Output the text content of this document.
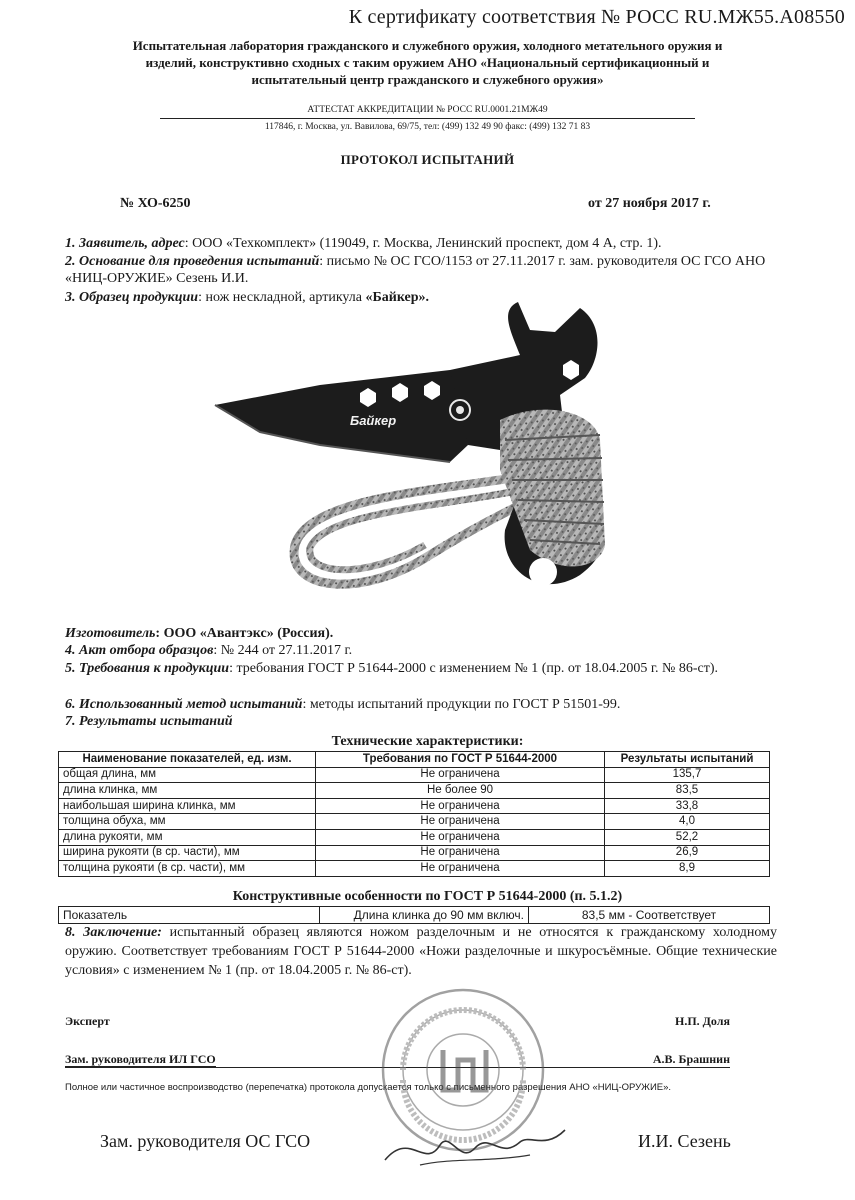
К сертификату соответствия № РОСС RU.МЖ55.А08550
Испытательная лаборатория гражданского и служебного оружия, холодного метательного оружия и
изделий, конструктивно сходных с таким оружием АНО «Национальный сертификационный и
испытательный центр гражданского и служебного оружия»
АТТЕСТАТ АККРЕДИТАЦИИ № РОСС RU.0001.21МЖ49
117846, г. Москва, ул. Вавилова, 69/75, тел: (499) 132 49 90 факс: (499) 132 71 83
ПРОТОКОЛ ИСПЫТАНИЙ
№ ХО-6250	от 27 ноября 2017 г.
1. Заявитель, адрес: ООО «Техкомплект» (119049, г. Москва, Ленинский проспект, дом 4 А, стр. 1).
2. Основание для проведения испытаний: письмо № ОС ГСО/1153 от 27.11.2017 г. зам. руководителя ОС ГСО АНО «НИЦ-ОРУЖИЕ» Сезень И.И.
3. Образец продукции: нож нескладной, артикула «Байкер».
Байкер
Изготовитель: ООО «Авантэкс» (Россия).
4. Акт отбора образцов: № 244 от 27.11.2017 г.
5. Требования к продукции: требования ГОСТ Р 51644-2000 с изменением № 1 (пр. от 18.04.2005 г. № 86-ст).
6. Использованный метод испытаний: методы испытаний продукции по ГОСТ Р 51501-99.
7. Результаты испытаний
Технические характеристики:
Наименование показателей, ед. изм.	Требования по ГОСТ Р 51644-2000	Результаты испытаний
общая длина, мм	Не ограничена	135,7
длина клинка, мм	Не более 90	83,5
наибольшая ширина клинка, мм	Не ограничена	33,8
толщина обуха, мм	Не ограничена	4,0
длина рукояти, мм	Не ограничена	52,2
ширина рукояти (в ср. части), мм	Не ограничена	26,9
толщина рукояти (в ср. части), мм	Не ограничена	8,9
Конструктивные особенности по ГОСТ Р 51644-2000 (п. 5.1.2)
Показатель	Длина клинка до 90 мм включ.	83,5 мм - Соответствует
8. Заключение: испытанный образец являются ножом разделочным и не относятся к гражданскому холодному оружию. Соответствует требованиям ГОСТ Р 51644-2000 «Ножи разделочные и шкуросъёмные. Общие технические условия» с изменением № 1 (пр. от 18.04.2005 г. № 86-ст).
Эксперт	Н.П. Доля
Зам. руководителя ИЛ ГСО	А.В. Брашнин
Полное или частичное воспроизводство (перепечатка) протокола допускается только с письменного разрешения АНО «НИЦ-ОРУЖИЕ».
Зам. руководителя ОС ГСО	И.И. Сезень
